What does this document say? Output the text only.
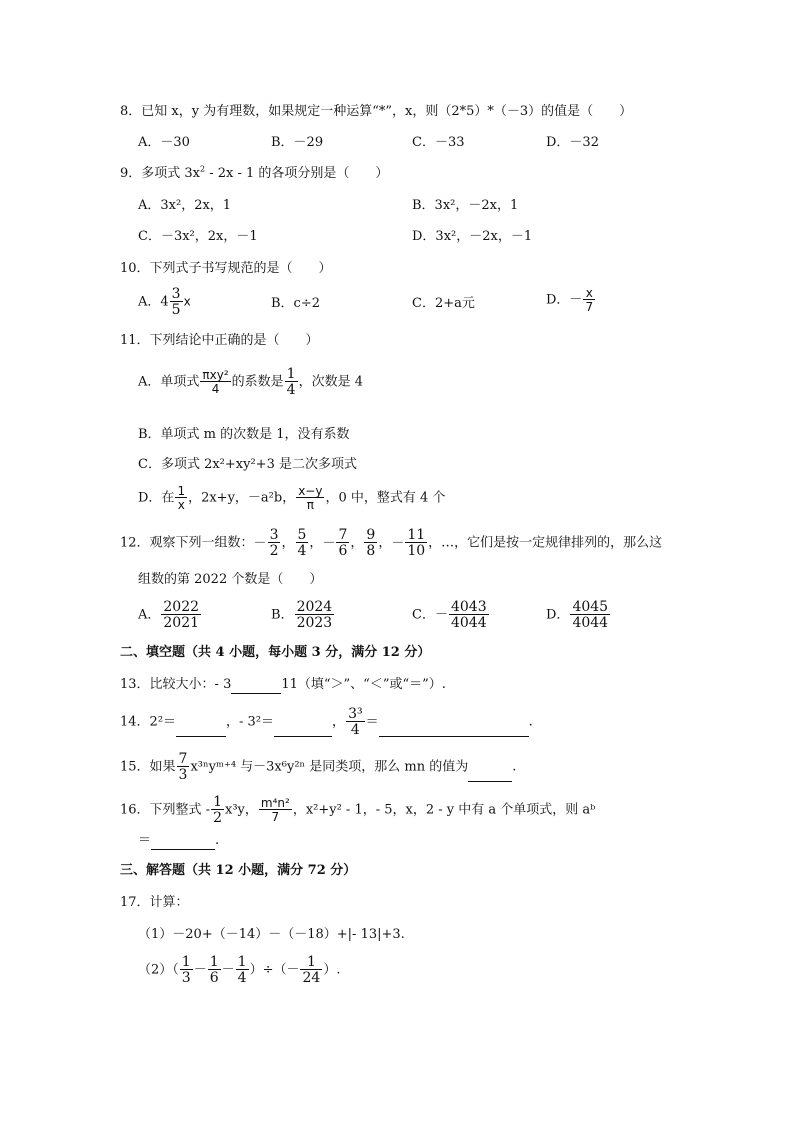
8．已知 x，y 为有理数，如果规定一种运算“*”，x，则（2*5）*（－3）的值是（　　）
A．－30	B．－29	C．－33	D．－32
9．多项式 $3x^2 - 2x - 1$ 的各项分别是（　　）
A．3x²，2x，1	B．3x²，－2x，1
C．－3x²，2x，－1	D．3x²，－2x，－1
10．下列式子书写规范的是（　　）
A．$4 \frac{3}{5}$ x	B．c÷2	C．2+a元	D．－ $\frac{x}{7}$
11．下列结论中正确的是（　　）
A．单项式 $\frac{\text{πxy²}}{4}$ 的系数是 $\frac{1}{4}$ ，次数是 4
B．单项式 m 的次数是 1，没有系数
C．多项式 2x²+xy²+3 是二次多项式
D．在 $\frac{1}{x}$ ，2x+y，－a²b， $\frac{x-y}{\pi}$ ，0 中，整式有 4 个
12．观察下列一组数：－ $\frac{3}{2}$ ， $\frac{5}{4}$ ，－ $\frac{7}{6}$ ， $\frac{9}{8}$ ，－ $\frac{11}{10}$ ，…，它们是按一定规律排列的，那么这
组数的第 2022 个数是（　　）
A． $\frac{2022}{2021}$	B． $\frac{2024}{2023}$	C．－ $\frac{4043}{4044}$	D． $\frac{4045}{4044}$
二、填空题（共 4 小题，每小题 3 分，满分 12 分）
13．比较大小：- 3	11（填“＞”、“＜”或“＝”）.
14．2²＝	，- 3²＝	， $\frac{\text{3³}}{4}$ ＝	.
15．如果 $\frac{7}{3}$ x³ⁿyᵐ⁺⁴ 与－3x⁶y²ⁿ 是同类项，那么 mn 的值为	.
16．下列整式 - $\frac{1}{2} x^3y$， $\frac{\text{m⁴n²}}{7}$ ，x²+y² - 1，- 5，x，2 - y 中有 a 个单项式，则 aᵇ
＝	.
三、解答题（共 12 小题，满分 72 分）
17．计算：
（1）－20+（－14）－（－18）+|- 13|+3.
$(2)( \frac{1}{3} - \frac{1}{6} - \frac{1}{4}$ ）÷（－ $\frac{1}{24}$ ）.
